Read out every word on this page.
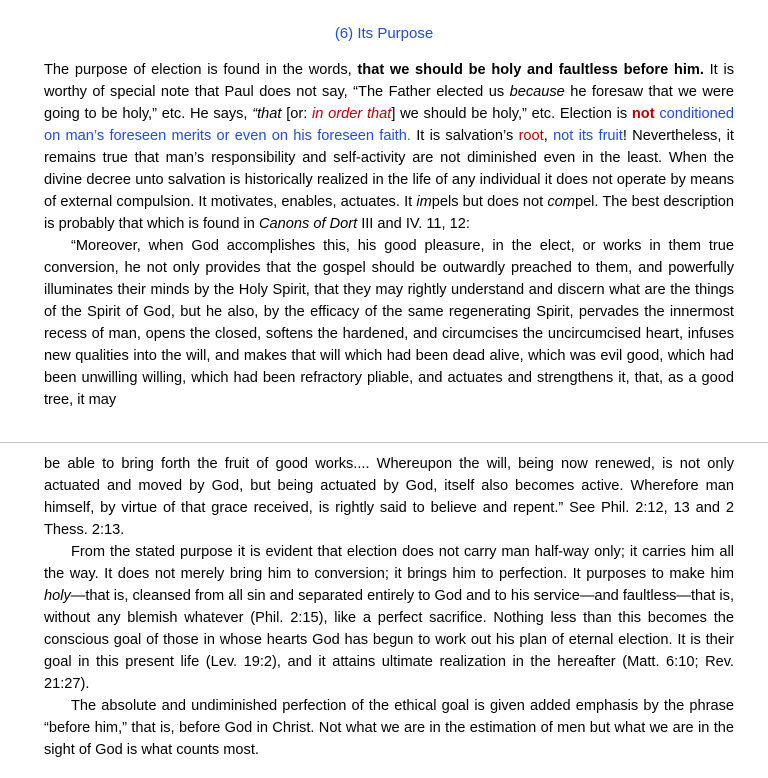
(6) Its Purpose

The purpose of election is found in the words, that we should be holy and faultless before him. It is worthy of special note that Paul does not say, “The Father elected us because he foresaw that we were going to be holy,” etc. He says, “that [or: in order that] we should be holy,” etc. Election is not conditioned on man’s foreseen merits or even on his foreseen faith. It is salvation’s root, not its fruit! Nevertheless, it remains true that man’s responsibility and self-activity are not diminished even in the least. When the divine decree unto salvation is historically realized in the life of any individual it does not operate by means of external compulsion. It motivates, enables, actuates. It impels but does not compel. The best description is probably that which is found in Canons of Dort III and IV. 11, 12:

“Moreover, when God accomplishes this, his good pleasure, in the elect, or works in them true conversion, he not only provides that the gospel should be outwardly preached to them, and powerfully illuminates their minds by the Holy Spirit, that they may rightly understand and discern what are the things of the Spirit of God, but he also, by the efficacy of the same regenerating Spirit, pervades the innermost recess of man, opens the closed, softens the hardened, and circumcises the uncircumcised heart, infuses new qualities into the will, and makes that will which had been dead alive, which was evil good, which had been unwilling willing, which had been refractory pliable, and actuates and strengthens it, that, as a good tree, it may

be able to bring forth the fruit of good works.... Whereupon the will, being now renewed, is not only actuated and moved by God, but being actuated by God, itself also becomes active. Wherefore man himself, by virtue of that grace received, is rightly said to believe and repent.” See Phil. 2:12, 13 and 2 Thess. 2:13.

From the stated purpose it is evident that election does not carry man half-way only; it carries him all the way. It does not merely bring him to conversion; it brings him to perfection. It purposes to make him holy—that is, cleansed from all sin and separated entirely to God and to his service—and faultless—that is, without any blemish whatever (Phil. 2:15), like a perfect sacrifice. Nothing less than this becomes the conscious goal of those in whose hearts God has begun to work out his plan of eternal election. It is their goal in this present life (Lev. 19:2), and it attains ultimate realization in the hereafter (Matt. 6:10; Rev. 21:27).

The absolute and undiminished perfection of the ethical goal is given added emphasis by the phrase “before him,” that is, before God in Christ. Not what we are in the estimation of men but what we are in the sight of God is what counts most.
